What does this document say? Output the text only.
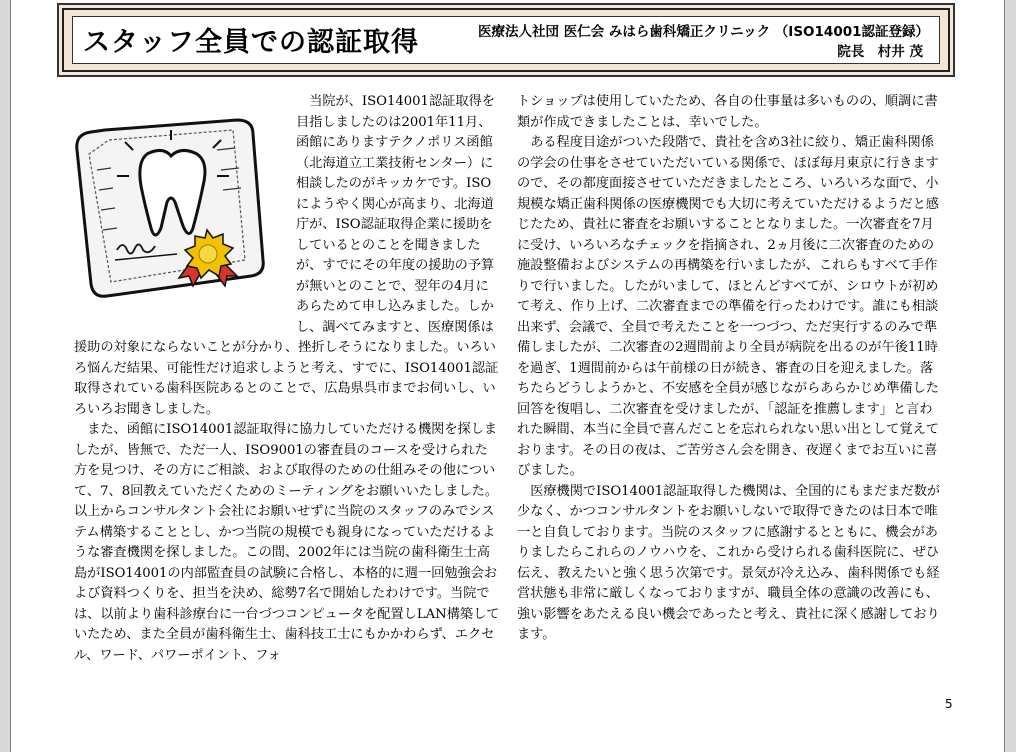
スタッフ全員での認証取得	医療法人社団 医仁会 みはら歯科矯正クリニック （ISO14001認証登録）
院長　村井 茂

当院が、ISO14001認証取得を目指しましたのは2001年11月、函館にありますテクノポリス函館（北海道立工業技術センター）に相談したのがキッカケです。ISOにようやく関心が高まり、北海道庁が、ISO認証取得企業に援助をしているとのことを聞きましたが、すでにその年度の援助の予算が無いとのことで、翌年の4月にあらためて申し込みました。しかし、調べてみますと、医療関係は援助の対象にならないことが分かり、挫折しそうになりました。いろいろ悩んだ結果、可能性だけ追求しようと考え、すでに、ISO14001認証取得されている歯科医院あるとのことで、広島県呉市までお伺いし、いろいろお聞きしました。

また、函館にISO14001認証取得に協力していただける機関を探しましたが、皆無で、ただ一人、ISO9001の審査員のコースを受けられた方を見つけ、その方にご相談、および取得のための仕組みその他について、7、8回教えていただくためのミーティングをお願いいたしました。以上からコンサルタント会社にお願いせずに当院のスタッフのみでシステム構築することとし、かつ当院の規模でも親身になっていただけるような審査機関を探しました。この間、2002年には当院の歯科衛生士高島がISO14001の内部監査員の試験に合格し、本格的に週一回勉強会および資料つくりを、担当を決め、総勢7名で開始したわけです。当院では、以前より歯科診療台に一台づつコンピュータを配置しLAN構築していたため、また全員が歯科衛生士、歯科技工士にもかかわらず、エクセル、ワード、パワーポイント、フォ

トショップは使用していたため、各自の仕事量は多いものの、順調に書類が作成できましたことは、幸いでした。

ある程度目途がついた段階で、貴社を含め3社に絞り、矯正歯科関係の学会の仕事をさせていただいている関係で、ほぼ毎月東京に行きますので、その都度面接させていただきましたところ、いろいろな面で、小規模な矯正歯科関係の医療機関でも大切に考えていただけるようだと感じたため、貴社に審査をお願いすることとなりました。一次審査を7月に受け、いろいろなチェックを指摘され、2ヵ月後に二次審査のための施設整備およびシステムの再構築を行いましたが、これらもすべて手作りで行いました。したがいまして、ほとんどすべてが、シロウトが初めて考え、作り上げ、二次審査までの準備を行ったわけです。誰にも相談出来ず、会議で、全員で考えたことを一つづつ、ただ実行するのみで準備しましたが、二次審査の2週間前より全員が病院を出るのが午後11時を過ぎ、1週間前からは午前様の日が続き、審査の日を迎えました。落ちたらどうしようかと、不安感を全員が感じながらあらかじめ準備した回答を復唱し、二次審査を受けましたが、「認証を推薦します」と言われた瞬間、本当に全員で喜んだことを忘れられない思い出として覚えております。その日の夜は、ご苦労さん会を開き、夜遅くまでお互いに喜びました。

医療機関でISO14001認証取得した機関は、全国的にもまだまだ数が少なく、かつコンサルタントをお願いしないで取得できたのは日本で唯一と自負しております。当院のスタッフに感謝するとともに、機会がありましたらこれらのノウハウを、これから受けられる歯科医院に、ぜひ伝え、教えたいと強く思う次第です。景気が冷え込み、歯科関係でも経営状態も非常に厳しくなっておりますが、職員全体の意識の改善にも、強い影響をあたえる良い機会であったと考え、貴社に深く感謝しております。

5
